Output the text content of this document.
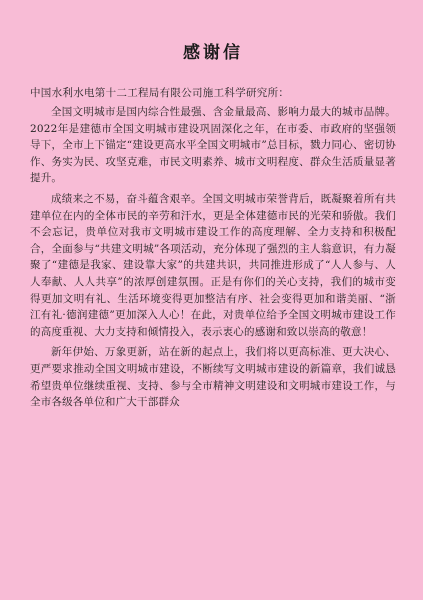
感谢信
中国水利水电第十二工程局有限公司施工科学研究所：

全国文明城市是国内综合性最强、含金量最高、影响力最大的城市品牌。2022年是建德市全国文明城市建设巩固深化之年，在市委、市政府的坚强领导下，全市上下锚定“建设更高水平全国文明城市”总目标，戮力同心、密切协作、务实为民、攻坚克难，市民文明素养、城市文明程度、群众生活质量显著提升。

成绩来之不易，奋斗蕴含艰辛。全国文明城市荣誉背后，既凝聚着所有共建单位在内的全体市民的辛劳和汗水，更是全体建德市民的光荣和骄傲。我们不会忘记，贵单位对我市文明城市建设工作的高度理解、全力支持和积极配合，全面参与“共建文明城”各项活动，充分体现了强烈的主人翁意识，有力凝聚了“建德是我家、建设靠大家”的共建共识，共同推进形成了“人人参与、人人奉献、人人共享”的浓厚创建氛围。正是有你们的关心支持，我们的城市变得更加文明有礼、生活环境变得更加整洁有序、社会变得更加和谐美丽、“浙江有礼·德润建德”更加深入人心！在此，对贵单位给予全国文明城市建设工作的高度重视、大力支持和倾情投入，表示衷心的感谢和致以崇高的敬意！

新年伊始、万象更新，站在新的起点上，我们将以更高标准、更大决心、更严要求推动全国文明城市建设，不断续写文明城市建设的新篇章，我们诚恳希望贵单位继续重视、支持、参与全市精神文明建设和文明城市建设工作，与全市各级各单位和广大干部群众
